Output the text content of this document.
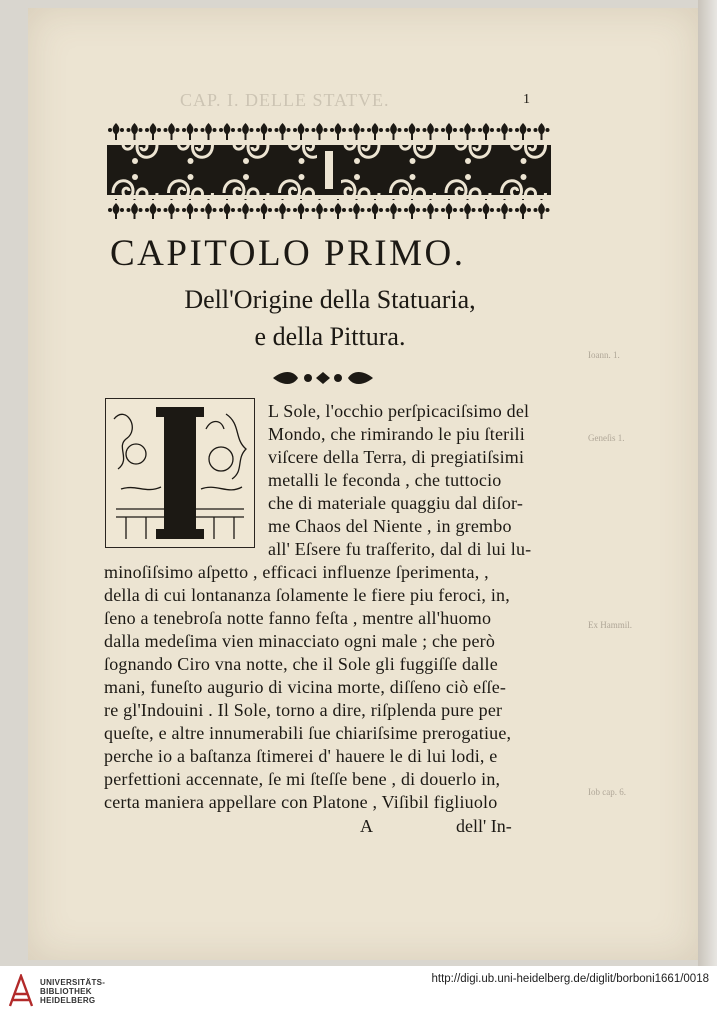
CAP. I. DELLE STATVE.
Ioann. 1.
Geneſis 1.
Ex Hammil.
Iob cap. 6.
1
CAPITOLO PRIMO.
Dell'Origine della Statuaria,
e della Pittura.
L Sole, l'occhio perſpicaciſsimo del
Mondo, che rimirando le piu ſterili
viſcere della Terra, di pregiatiſsimi
metalli le feconda , che tuttocio
che di materiale quaggiu dal diſor-
me Chaos del Niente , in grembo
all' Eſsere fu traſferito, dal di lui lu-
minoſiſsimo aſpetto , efficaci influenze ſperimenta, ,
della di cui lontananza ſolamente le fiere piu feroci, in,
ſeno a tenebroſa notte fanno feſta , mentre all'huomo
dalla medeſima vien minacciato ogni male ; che però
ſognando Ciro vna notte, che il Sole gli fuggiſſe dalle
mani, funeſto augurio di vicina morte, diſſeno ciò eſſe-
re gl'Indouini . Il Sole, torno a dire, riſplenda pure per
queſte, e altre innumerabili ſue chiariſsime prerogatiue,
perche io a baſtanza ſtimerei d' hauere le di lui lodi, e
perfettioni accennate, ſe mi ſteſſe bene , di douerlo in,
certa maniera appellare con Platone , Viſibil figliuolo
A	dell' In-
UNIVERSITÄTS-
BIBLIOTHEK
HEIDELBERG
http://digi.ub.uni-heidelberg.de/diglit/borboni1661/0018
